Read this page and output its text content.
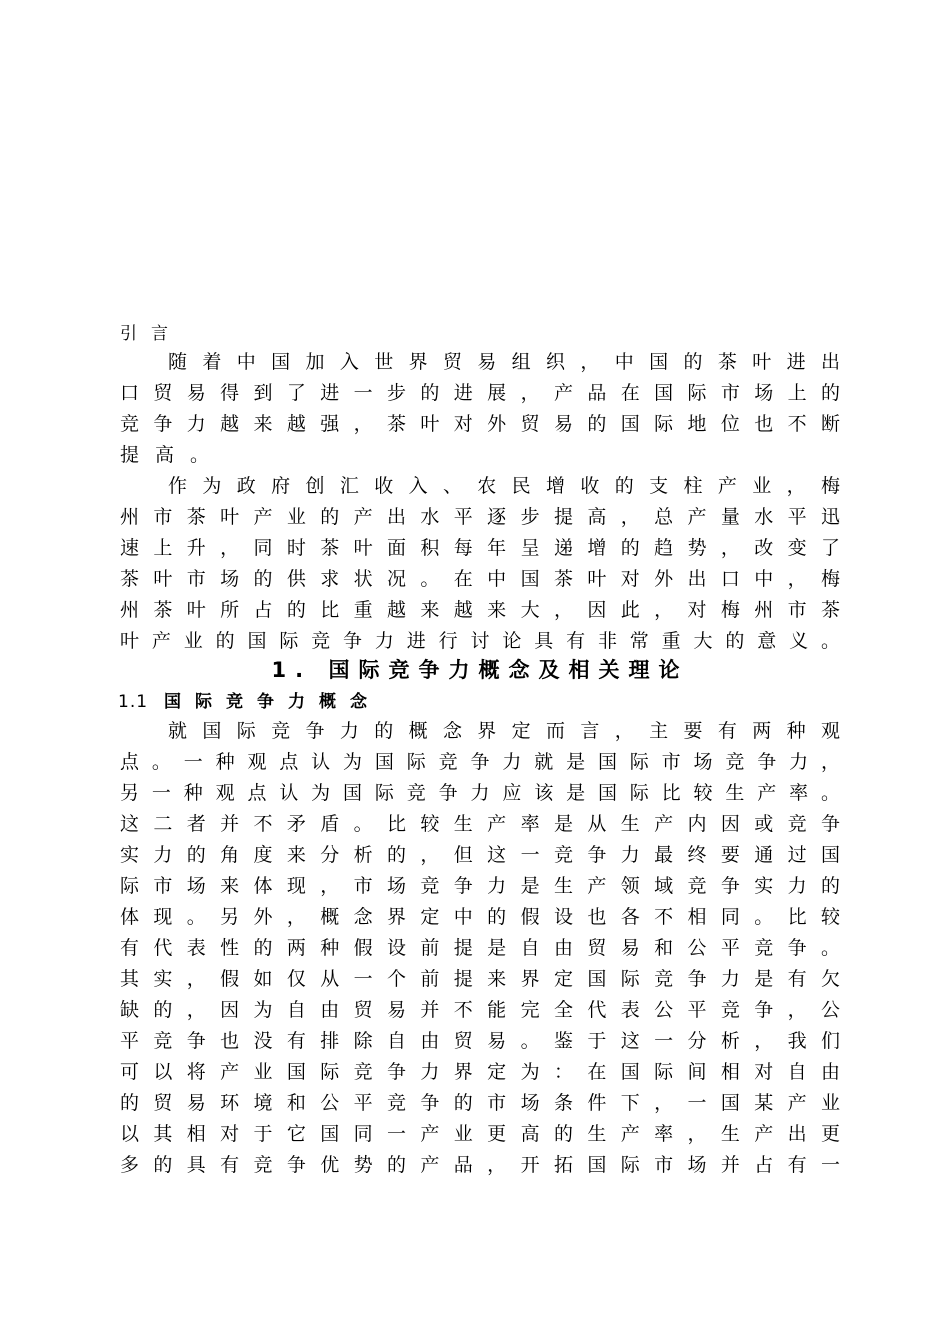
引言
随着中国加入世界贸易组织，中国的茶叶进出
口贸易得到了进一步的进展，产品在国际市场上的
竞争力越来越强，茶叶对外贸易的国际地位也不断
提高。
作为政府创汇收入、农民增收的支柱产业，梅
州市茶叶产业的产出水平逐步提高，总产量水平迅
速上升，同时茶叶面积每年呈递增的趋势，改变了
茶叶市场的供求状况。在中国茶叶对外出口中，梅
州茶叶所占的比重越来越来大，因此，对梅州市茶
叶产业的国际竞争力进行讨论具有非常重大的意义。
1. 国际竞争力概念及相关理论
1.1 国际竞争力概念
就国际竞争力的概念界定而言，主要有两种观
点。一种观点认为国际竞争力就是国际市场竞争力，
另一种观点认为国际竞争力应该是国际比较生产率。
这二者并不矛盾。比较生产率是从生产内因或竞争
实力的角度来分析的，但这一竞争力最终要通过国
际市场来体现，市场竞争力是生产领域竞争实力的
体现。另外，概念界定中的假设也各不相同。比较
有代表性的两种假设前提是自由贸易和公平竞争。
其实，假如仅从一个前提来界定国际竞争力是有欠
缺的，因为自由贸易并不能完全代表公平竞争，公
平竞争也没有排除自由贸易。鉴于这一分析，我们
可以将产业国际竞争力界定为：在国际间相对自由
的贸易环境和公平竞争的市场条件下，一国某产业
以其相对于它国同一产业更高的生产率，生产出更
多的具有竞争优势的产品，开拓国际市场并占有一
